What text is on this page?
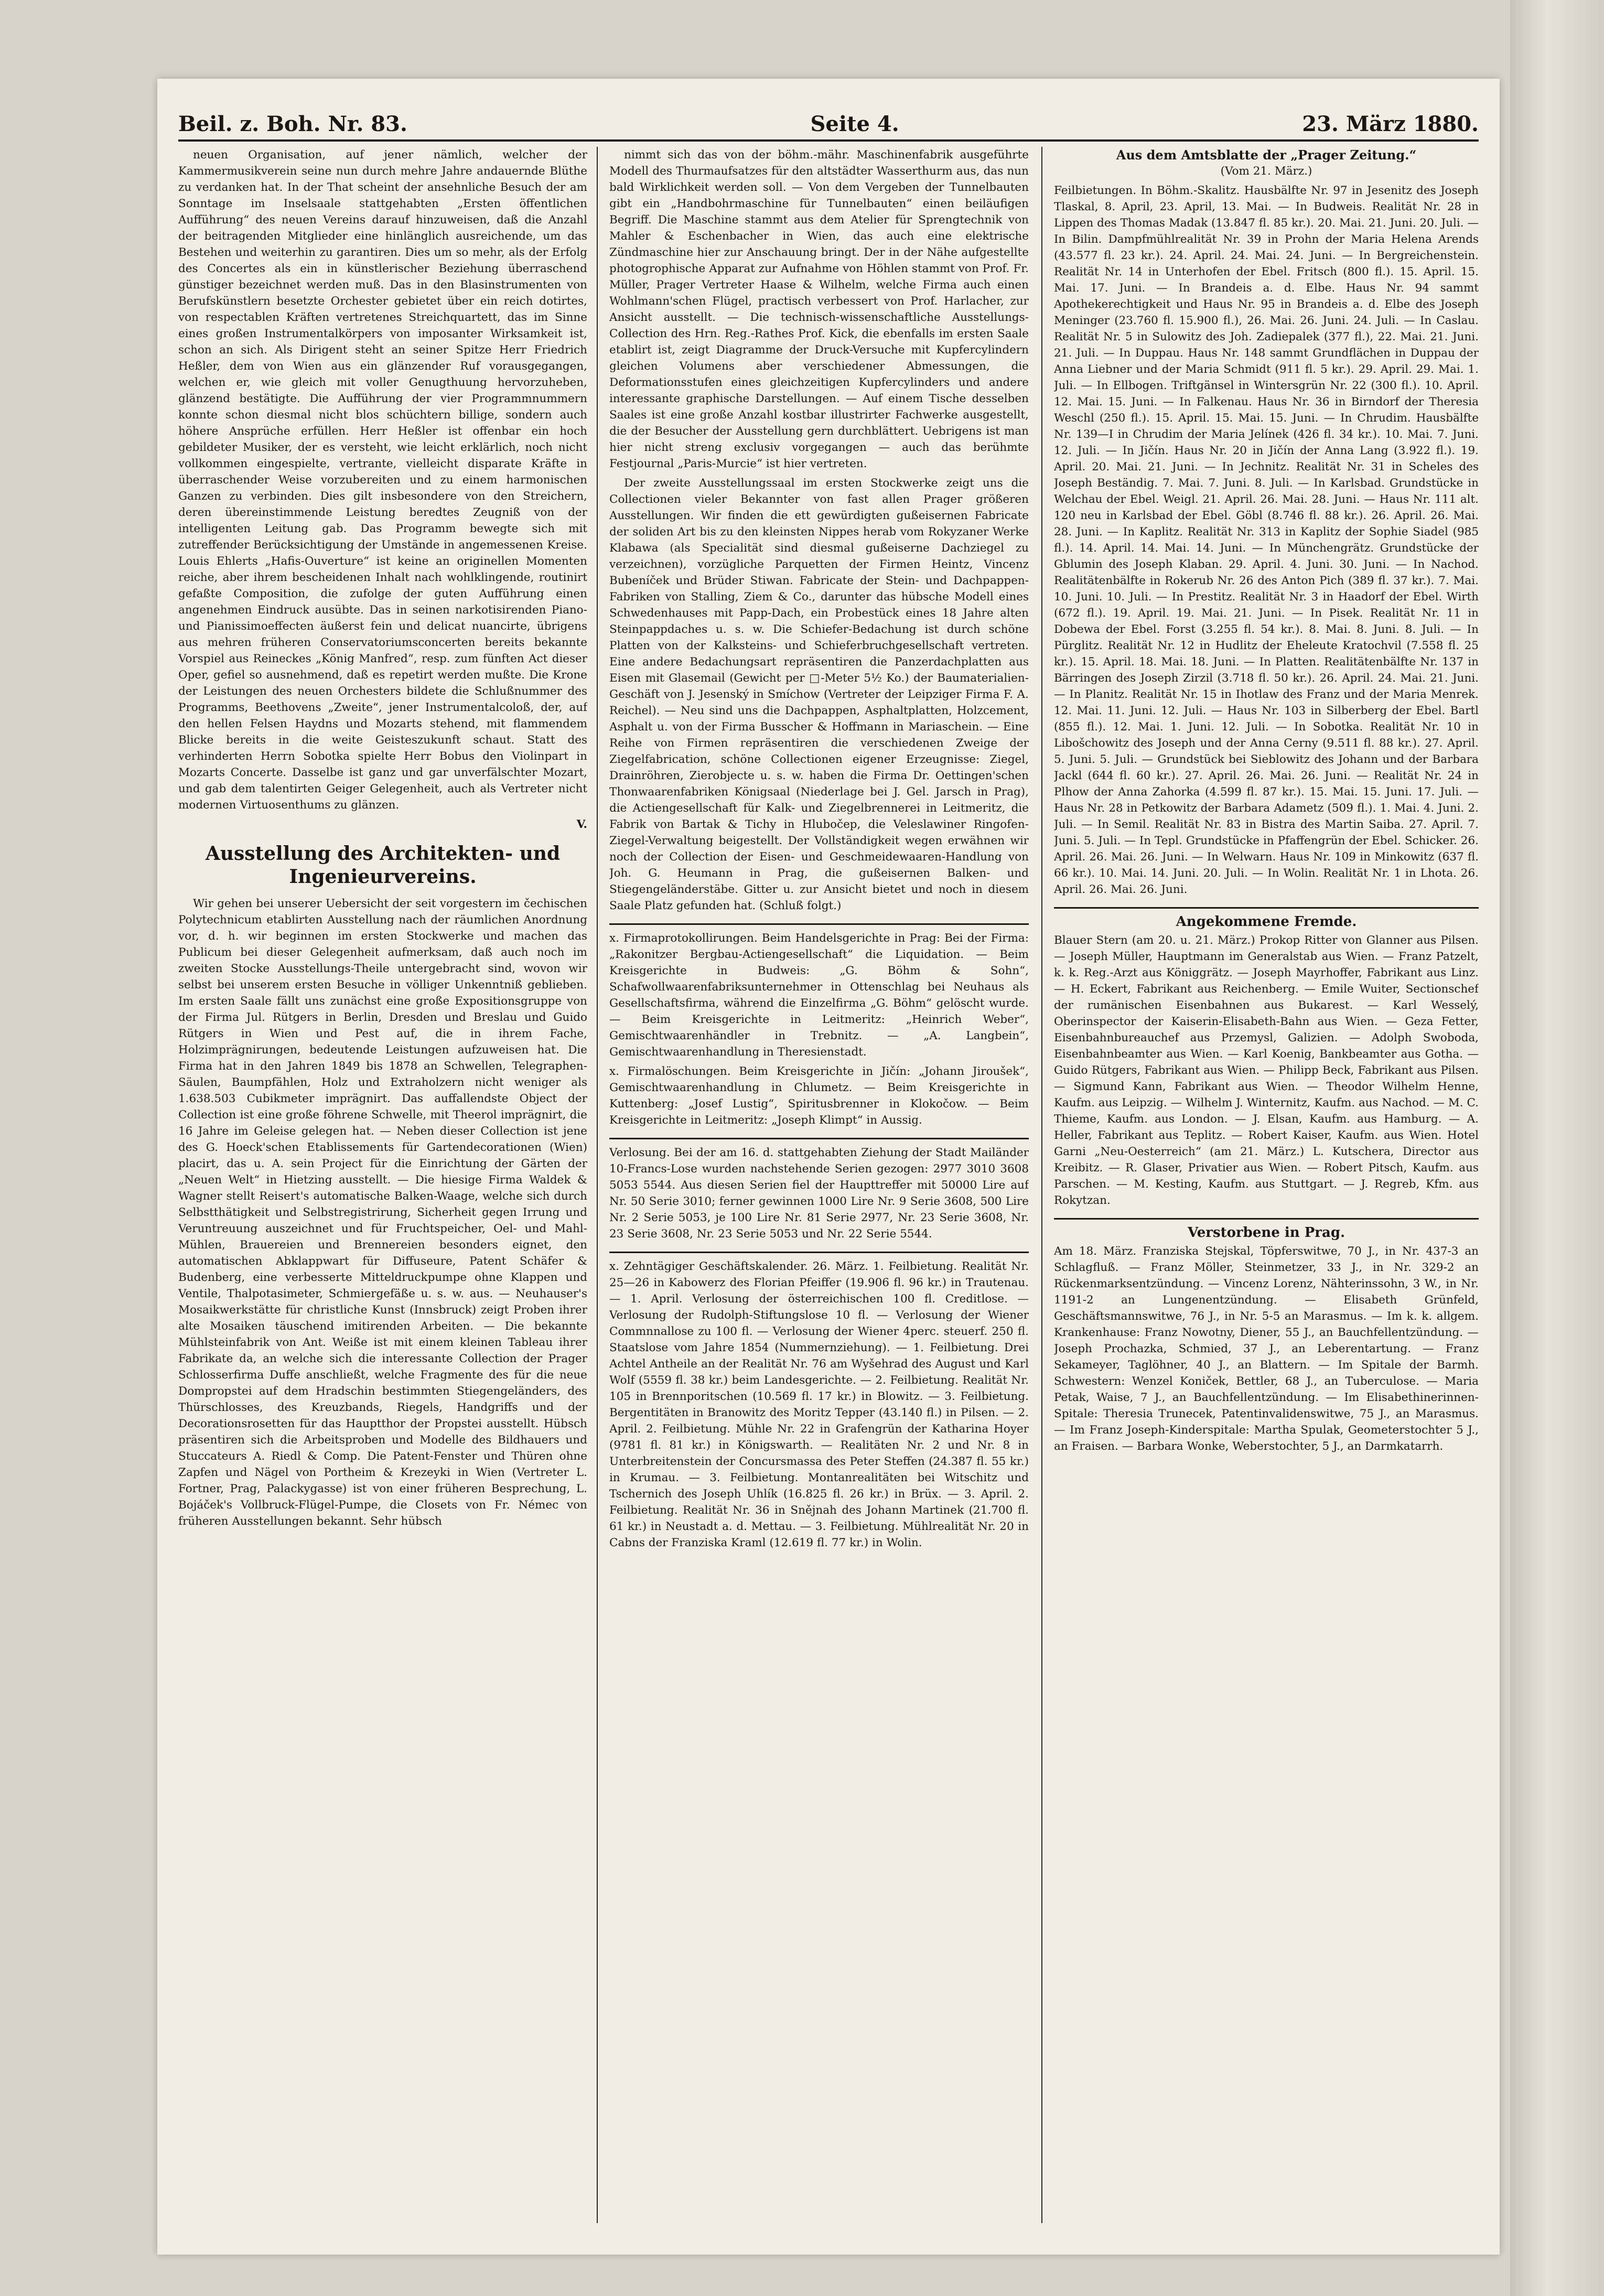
Beil. z. Boh. Nr. 83.	Seite 4.	23. März 1880.

neuen Organisation, auf jener nämlich, welcher der Kammermusikverein seine nun durch mehre Jahre andauernde Blüthe zu verdanken hat. In der That scheint der ansehnliche Besuch der am Sonntage im Inselsaale stattgehabten „Ersten öffentlichen Aufführung“ des neuen Vereins darauf hinzuweisen, daß die Anzahl der beitragenden Mitglieder eine hinlänglich ausreichende, um das Bestehen und weiterhin zu garantiren. Dies um so mehr, als der Erfolg des Concertes als ein in künstlerischer Beziehung überraschend günstiger bezeichnet werden muß. Das in den Blasinstrumenten von Berufskünstlern besetzte Orchester gebietet über ein reich dotirtes, von respectablen Kräften vertretenes Streichquartett, das im Sinne eines großen Instrumentalkörpers von imposanter Wirksamkeit ist, schon an sich. Als Dirigent steht an seiner Spitze Herr Friedrich Heßler, dem von Wien aus ein glänzender Ruf vorausgegangen, welchen er, wie gleich mit voller Genugthuung hervorzuheben, glänzend bestätigte. Die Aufführung der vier Programmnummern konnte schon diesmal nicht blos schüchtern billige, sondern auch höhere Ansprüche erfüllen. Herr Heßler ist offenbar ein hoch gebildeter Musiker, der es versteht, wie leicht erklärlich, noch nicht vollkommen eingespielte, vertrante, vielleicht disparate Kräfte in überraschender Weise vorzubereiten und zu einem harmonischen Ganzen zu verbinden. Dies gilt insbesondere von den Streichern, deren übereinstimmende Leistung beredtes Zeugniß von der intelligenten Leitung gab. Das Programm bewegte sich mit zutreffender Berücksichtigung der Umstände in angemessenen Kreise. Louis Ehlerts „Hafis-Ouverture“ ist keine an originellen Momenten reiche, aber ihrem bescheidenen Inhalt nach wohlklingende, routinirt gefaßte Composition, die zufolge der guten Aufführung einen angenehmen Eindruck ausübte. Das in seinen narkotisirenden Piano- und Pianissimoeffecten äußerst fein und delicat nuancirte, übrigens aus mehren früheren Conservatoriumsconcerten bereits bekannte Vorspiel aus Reineckes „König Manfred“, resp. zum fünften Act dieser Oper, gefiel so ausnehmend, daß es repetirt werden mußte. Die Krone der Leistungen des neuen Orchesters bildete die Schlußnummer des Programms, Beethovens „Zweite“, jener Instrumentalcoloß, der, auf den hellen Felsen Haydns und Mozarts stehend, mit flammendem Blicke bereits in die weite Geisteszukunft schaut. Statt des verhinderten Herrn Sobotka spielte Herr Bobus den Violinpart in Mozarts Concerte. Dasselbe ist ganz und gar unverfälschter Mozart, und gab dem talentirten Geiger Gelegenheit, auch als Vertreter nicht modernen Virtuosenthums zu glänzen.

V.
Ausstellung des Architekten- und Ingenieurvereins.

Wir gehen bei unserer Uebersicht der seit vorgestern im čechischen Polytechnicum etablirten Ausstellung nach der räumlichen Anordnung vor, d. h. wir beginnen im ersten Stockwerke und machen das Publicum bei dieser Gelegenheit aufmerksam, daß auch noch im zweiten Stocke Ausstellungs-Theile untergebracht sind, wovon wir selbst bei unserem ersten Besuche in völliger Unkenntniß geblieben. Im ersten Saale fällt uns zunächst eine große Expositionsgruppe von der Firma Jul. Rütgers in Berlin, Dresden und Breslau und Guido Rütgers in Wien und Pest auf, die in ihrem Fache, Holzimprägnirungen, bedeutende Leistungen aufzuweisen hat. Die Firma hat in den Jahren 1849 bis 1878 an Schwellen, Telegraphen-Säulen, Baumpfählen, Holz und Extraholzern nicht weniger als 1.638.503 Cubikmeter imprägnirt. Das auffallendste Object der Collection ist eine große föhrene Schwelle, mit Theerol imprägnirt, die 16 Jahre im Geleise gelegen hat. — Neben dieser Collection ist jene des G. Hoeck'schen Etablissements für Gartendecorationen (Wien) placirt, das u. A. sein Project für die Einrichtung der Gärten der „Neuen Welt“ in Hietzing ausstellt. — Die hiesige Firma Waldek & Wagner stellt Reisert's automatische Balken-Waage, welche sich durch Selbstthätigkeit und Selbstregistrirung, Sicherheit gegen Irrung und Veruntreuung auszeichnet und für Fruchtspeicher, Oel- und Mahl-Mühlen, Brauereien und Brennereien besonders eignet, den automatischen Abklappwart für Diffuseure, Patent Schäfer & Budenberg, eine verbesserte Mitteldruckpumpe ohne Klappen und Ventile, Thalpotasimeter, Schmiergefäße u. s. w. aus. — Neuhauser's Mosaikwerkstätte für christliche Kunst (Innsbruck) zeigt Proben ihrer alte Mosaiken täuschend imitirenden Arbeiten. — Die bekannte Mühlsteinfabrik von Ant. Weiße ist mit einem kleinen Tableau ihrer Fabrikate da, an welche sich die interessante Collection der Prager Schlosserfirma Duffe anschließt, welche Fragmente des für die neue Dompropstei auf dem Hradschin bestimmten Stiegengeländers, des Thürschlosses, des Kreuzbands, Riegels, Handgriffs und der Decorationsrosetten für das Hauptthor der Propstei ausstellt. Hübsch präsentiren sich die Arbeitsproben und Modelle des Bildhauers und Stuccateurs A. Riedl & Comp. Die Patent-Fenster und Thüren ohne Zapfen und Nägel von Portheim & Krezeyki in Wien (Vertreter L. Fortner, Prag, Palackygasse) ist von einer früheren Besprechung, L. Bojáček's Vollbruck-Flügel-Pumpe, die Closets von Fr. Némec von früheren Ausstellungen bekannt. Sehr hübsch

nimmt sich das von der böhm.-mähr. Maschinenfabrik ausgeführte Modell des Thurmaufsatzes für den altstädter Wasserthurm aus, das nun bald Wirklichkeit werden soll. — Von dem Vergeben der Tunnelbauten gibt ein „Handbohrmaschine für Tunnelbauten“ einen beiläufigen Begriff. Die Maschine stammt aus dem Atelier für Sprengtechnik von Mahler & Eschenbacher in Wien, das auch eine elektrische Zündmaschine hier zur Anschauung bringt. Der in der Nähe aufgestellte photogrophische Apparat zur Aufnahme von Höhlen stammt von Prof. Fr. Müller, Prager Vertreter Haase & Wilhelm, welche Firma auch einen Wohlmann'schen Flügel, practisch verbessert von Prof. Harlacher, zur Ansicht ausstellt. — Die technisch-wissenschaftliche Ausstellungs-Collection des Hrn. Reg.-Rathes Prof. Kick, die ebenfalls im ersten Saale etablirt ist, zeigt Diagramme der Druck-Versuche mit Kupfercylindern gleichen Volumens aber verschiedener Abmessungen, die Deformationsstufen eines gleichzeitigen Kupfercylinders und andere interessante graphische Darstellungen. — Auf einem Tische desselben Saales ist eine große Anzahl kostbar illustrirter Fachwerke ausgestellt, die der Besucher der Ausstellung gern durchblättert. Uebrigens ist man hier nicht streng exclusiv vorgegangen — auch das berühmte Festjournal „Paris-Murcie“ ist hier vertreten.

Der zweite Ausstellungssaal im ersten Stockwerke zeigt uns die Collectionen vieler Bekannter von fast allen Prager größeren Ausstellungen. Wir finden die ett gewürdigten gußeisernen Fabricate der soliden Art bis zu den kleinsten Nippes herab vom Rokyzaner Werke Klabawa (als Specialität sind diesmal gußeiserne Dachziegel zu verzeichnen), vorzügliche Parquetten der Firmen Heintz, Vincenz Bubeníček und Brüder Stiwan. Fabricate der Stein- und Dachpappen-Fabriken von Stalling, Ziem & Co., darunter das hübsche Modell eines Schwedenhauses mit Papp-Dach, ein Probestück eines 18 Jahre alten Steinpappdaches u. s. w. Die Schiefer-Bedachung ist durch schöne Platten von der Kalksteins- und Schieferbruchgesellschaft vertreten. Eine andere Bedachungsart repräsentiren die Panzerdachplatten aus Eisen mit Glasemail (Gewicht per □-Meter 5½ Ko.) der Baumaterialien-Geschäft von J. Jesenský in Smíchow (Vertreter der Leipziger Firma F. A. Reichel). — Neu sind uns die Dachpappen, Asphaltplatten, Holzcement, Asphalt u. von der Firma Busscher & Hoffmann in Mariaschein. — Eine Reihe von Firmen repräsentiren die verschiedenen Zweige der Ziegelfabrication, schöne Collectionen eigener Erzeugnisse: Ziegel, Drainröhren, Zierobjecte u. s. w. haben die Firma Dr. Oettingen'schen Thonwaarenfabriken Königsaal (Niederlage bei J. Gel. Jarsch in Prag), die Actiengesellschaft für Kalk- und Ziegelbrennerei in Leitmeritz, die Fabrik von Bartak & Tichy in Hlubočep, die Veleslawiner Ringofen-Ziegel-Verwaltung beigestellt. Der Vollständigkeit wegen erwähnen wir noch der Collection der Eisen- und Geschmeidewaaren-Handlung von Joh. G. Heumann in Prag, die gußeisernen Balken- und Stiegengeländerstäbe. Gitter u. zur Ansicht bietet und noch in diesem Saale Platz gefunden hat. (Schluß folgt.)

x. Firmaprotokollirungen. Beim Handelsgerichte in Prag: Bei der Firma: „Rakonitzer Bergbau-Actiengesellschaft“ die Liquidation. — Beim Kreisgerichte in Budweis: „G. Böhm & Sohn“, Schafwollwaarenfabriksunternehmer in Ottenschlag bei Neuhaus als Gesellschaftsfirma, während die Einzelfirma „G. Böhm“ gelöscht wurde. — Beim Kreisgerichte in Leitmeritz: „Heinrich Weber“, Gemischtwaarenhändler in Trebnitz. — „A. Langbein“, Gemischtwaarenhandlung in Theresienstadt.

x. Firmalöschungen. Beim Kreisgerichte in Jičín: „Johann Jiroušek“, Gemischtwaarenhandlung in Chlumetz. — Beim Kreisgerichte in Kuttenberg: „Josef Lustig“, Spiritusbrenner in Klokočow. — Beim Kreisgerichte in Leitmeritz: „Joseph Klimpt“ in Aussig.

Verlosung. Bei der am 16. d. stattgehabten Ziehung der Stadt Mailänder 10-Francs-Lose wurden nachstehende Serien gezogen: 2977 3010 3608 5053 5544. Aus diesen Serien fiel der Haupttreffer mit 50000 Lire auf Nr. 50 Serie 3010; ferner gewinnen 1000 Lire Nr. 9 Serie 3608, 500 Lire Nr. 2 Serie 5053, je 100 Lire Nr. 81 Serie 2977, Nr. 23 Serie 3608, Nr. 23 Serie 3608, Nr. 23 Serie 5053 und Nr. 22 Serie 5544.

x. Zehntägiger Geschäftskalender. 26. März. 1. Feilbietung. Realität Nr. 25—26 in Kabowerz des Florian Pfeiffer (19.906 fl. 96 kr.) in Trautenau. — 1. April. Verlosung der österreichischen 100 fl. Creditlose. — Verlosung der Rudolph-Stiftungslose 10 fl. — Verlosung der Wiener Commnnallose zu 100 fl. — Verlosung der Wiener 4perc. steuerf. 250 fl. Staatslose vom Jahre 1854 (Nummernziehung). — 1. Feilbietung. Drei Achtel Antheile an der Realität Nr. 76 am Wyšehrad des August und Karl Wolf (5559 fl. 38 kr.) beim Landesgerichte. — 2. Feilbietung. Realität Nr. 105 in Brennporitschen (10.569 fl. 17 kr.) in Blowitz. — 3. Feilbietung. Bergentitäten in Branowitz des Moritz Tepper (43.140 fl.) in Pilsen. — 2. April. 2. Feilbietung. Mühle Nr. 22 in Grafengrün der Katharina Hoyer (9781 fl. 81 kr.) in Königswarth. — Realitäten Nr. 2 und Nr. 8 in Unterbreitenstein der Concursmassa des Peter Steffen (24.387 fl. 55 kr.) in Krumau. — 3. Feilbietung. Montanrealitäten bei Witschitz und Tschernich des Joseph Uhlík (16.825 fl. 26 kr.) in Brüx. — 3. April. 2. Feilbietung. Realität Nr. 36 in Snějnah des Johann Martinek (21.700 fl. 61 kr.) in Neustadt a. d. Mettau. — 3. Feilbietung. Mühlrealität Nr. 20 in Cabns der Franziska Kraml (12.619 fl. 77 kr.) in Wolin.

Aus dem Amtsblatte der „Prager Zeitung.“

(Vom 21. März.)

Feilbietungen. In Böhm.-Skalitz. Hausbälfte Nr. 97 in Jesenitz des Joseph Tlaskal, 8. April, 23. April, 13. Mai. — In Budweis. Realität Nr. 28 in Lippen des Thomas Madak (13.847 fl. 85 kr.). 20. Mai. 21. Juni. 20. Juli. — In Bilin. Dampfmühlrealität Nr. 39 in Prohn der Maria Helena Arends (43.577 fl. 23 kr.). 24. April. 24. Mai. 24. Juni. — In Bergreichenstein. Realität Nr. 14 in Unterhofen der Ebel. Fritsch (800 fl.). 15. April. 15. Mai. 17. Juni. — In Brandeis a. d. Elbe. Haus Nr. 94 sammt Apothekerechtigkeit und Haus Nr. 95 in Brandeis a. d. Elbe des Joseph Meninger (23.760 fl. 15.900 fl.), 26. Mai. 26. Juni. 24. Juli. — In Caslau. Realität Nr. 5 in Sulowitz des Joh. Zadiepalek (377 fl.), 22. Mai. 21. Juni. 21. Juli. — In Duppau. Haus Nr. 148 sammt Grundflächen in Duppau der Anna Liebner und der Maria Schmidt (911 fl. 5 kr.). 29. April. 29. Mai. 1. Juli. — In Ellbogen. Triftgänsel in Wintersgrün Nr. 22 (300 fl.). 10. April. 12. Mai. 15. Juni. — In Falkenau. Haus Nr. 36 in Birndorf der Theresia Weschl (250 fl.). 15. April. 15. Mai. 15. Juni. — In Chrudim. Hausbälfte Nr. 139—I in Chrudim der Maria Jelínek (426 fl. 34 kr.). 10. Mai. 7. Juni. 12. Juli. — In Jičín. Haus Nr. 20 in Jičín der Anna Lang (3.922 fl.). 19. April. 20. Mai. 21. Juni. — In Jechnitz. Realität Nr. 31 in Scheles des Joseph Beständig. 7. Mai. 7. Juni. 8. Juli. — In Karlsbad. Grundstücke in Welchau der Ebel. Weigl. 21. April. 26. Mai. 28. Juni. — Haus Nr. 111 alt. 120 neu in Karlsbad der Ebel. Göbl (8.746 fl. 88 kr.). 26. April. 26. Mai. 28. Juni. — In Kaplitz. Realität Nr. 313 in Kaplitz der Sophie Siadel (985 fl.). 14. April. 14. Mai. 14. Juni. — In Münchengrätz. Grundstücke der Gblumin des Joseph Klaban. 29. April. 4. Juni. 30. Juni. — In Nachod. Realitätenbälfte in Rokerub Nr. 26 des Anton Pich (389 fl. 37 kr.). 7. Mai. 10. Juni. 10. Juli. — In Prestitz. Realität Nr. 3 in Haadorf der Ebel. Wirth (672 fl.). 19. April. 19. Mai. 21. Juni. — In Pisek. Realität Nr. 11 in Dobewa der Ebel. Forst (3.255 fl. 54 kr.). 8. Mai. 8. Juni. 8. Juli. — In Pürglitz. Realität Nr. 12 in Hudlitz der Eheleute Kratochvil (7.558 fl. 25 kr.). 15. April. 18. Mai. 18. Juni. — In Platten. Realitätenbälfte Nr. 137 in Bärringen des Joseph Zirzil (3.718 fl. 50 kr.). 26. April. 24. Mai. 21. Juni. — In Planitz. Realität Nr. 15 in Ihotlaw des Franz und der Maria Menrek. 12. Mai. 11. Juni. 12. Juli. — Haus Nr. 103 in Silberberg der Ebel. Bartl (855 fl.). 12. Mai. 1. Juni. 12. Juli. — In Sobotka. Realität Nr. 10 in Libošchowitz des Joseph und der Anna Cerny (9.511 fl. 88 kr.). 27. April. 5. Juni. 5. Juli. — Grundstück bei Sieblowitz des Johann und der Barbara Jackl (644 fl. 60 kr.). 27. April. 26. Mai. 26. Juni. — Realität Nr. 24 in Plhow der Anna Zahorka (4.599 fl. 87 kr.). 15. Mai. 15. Juni. 17. Juli. — Haus Nr. 28 in Petkowitz der Barbara Adametz (509 fl.). 1. Mai. 4. Juni. 2. Juli. — In Semil. Realität Nr. 83 in Bistra des Martin Saiba. 27. April. 7. Juni. 5. Juli. — In Tepl. Grundstücke in Pfaffengrün der Ebel. Schicker. 26. April. 26. Mai. 26. Juni. — In Welwarn. Haus Nr. 109 in Minkowitz (637 fl. 66 kr.). 10. Mai. 14. Juni. 20. Juli. — In Wolin. Realität Nr. 1 in Lhota. 26. April. 26. Mai. 26. Juni.

Angekommene Fremde.

Blauer Stern (am 20. u. 21. März.) Prokop Ritter von Glanner aus Pilsen. — Joseph Müller, Hauptmann im Generalstab aus Wien. — Franz Patzelt, k. k. Reg.-Arzt aus Königgrätz. — Joseph Mayrhoffer, Fabrikant aus Linz. — H. Eckert, Fabrikant aus Reichenberg. — Emile Wuiter, Sectionschef der rumänischen Eisenbahnen aus Bukarest. — Karl Wesselý, Oberinspector der Kaiserin-Elisabeth-Bahn aus Wien. — Geza Fetter, Eisenbahnbureauchef aus Przemysl, Galizien. — Adolph Swoboda, Eisenbahnbeamter aus Wien. — Karl Koenig, Bankbeamter aus Gotha. — Guido Rütgers, Fabrikant aus Wien. — Philipp Beck, Fabrikant aus Pilsen. — Sigmund Kann, Fabrikant aus Wien. — Theodor Wilhelm Henne, Kaufm. aus Leipzig. — Wilhelm J. Winternitz, Kaufm. aus Nachod. — M. C. Thieme, Kaufm. aus London. — J. Elsan, Kaufm. aus Hamburg. — A. Heller, Fabrikant aus Teplitz. — Robert Kaiser, Kaufm. aus Wien. Hotel Garni „Neu-Oesterreich“ (am 21. März.) L. Kutschera, Director aus Kreibitz. — R. Glaser, Privatier aus Wien. — Robert Pitsch, Kaufm. aus Parschen. — M. Kesting, Kaufm. aus Stuttgart. — J. Regreb, Kfm. aus Rokytzan.

Verstorbene in Prag.

Am 18. März. Franziska Stejskal, Töpferswitwe, 70 J., in Nr. 437-3 an Schlagfluß. — Franz Möller, Steinmetzer, 33 J., in Nr. 329-2 an Rückenmarksentzündung. — Vincenz Lorenz, Nähterinssohn, 3 W., in Nr. 1191-2 an Lungenentzündung. — Elisabeth Grünfeld, Geschäftsmannswitwe, 76 J., in Nr. 5-5 an Marasmus. — Im k. k. allgem. Krankenhause: Franz Nowotny, Diener, 55 J., an Bauchfellentzündung. — Joseph Prochazka, Schmied, 37 J., an Leberentartung. — Franz Sekameyer, Taglöhner, 40 J., an Blattern. — Im Spitale der Barmh. Schwestern: Wenzel Koniček, Bettler, 68 J., an Tuberculose. — Maria Petak, Waise, 7 J., an Bauchfellentzündung. — Im Elisabethinerinnen-Spitale: Theresia Trunecek, Patentinvalidenswitwe, 75 J., an Marasmus. — Im Franz Joseph-Kinderspitale: Martha Spulak, Geometerstochter 5 J., an Fraisen. — Barbara Wonke, Weberstochter, 5 J., an Darmkatarrh.
